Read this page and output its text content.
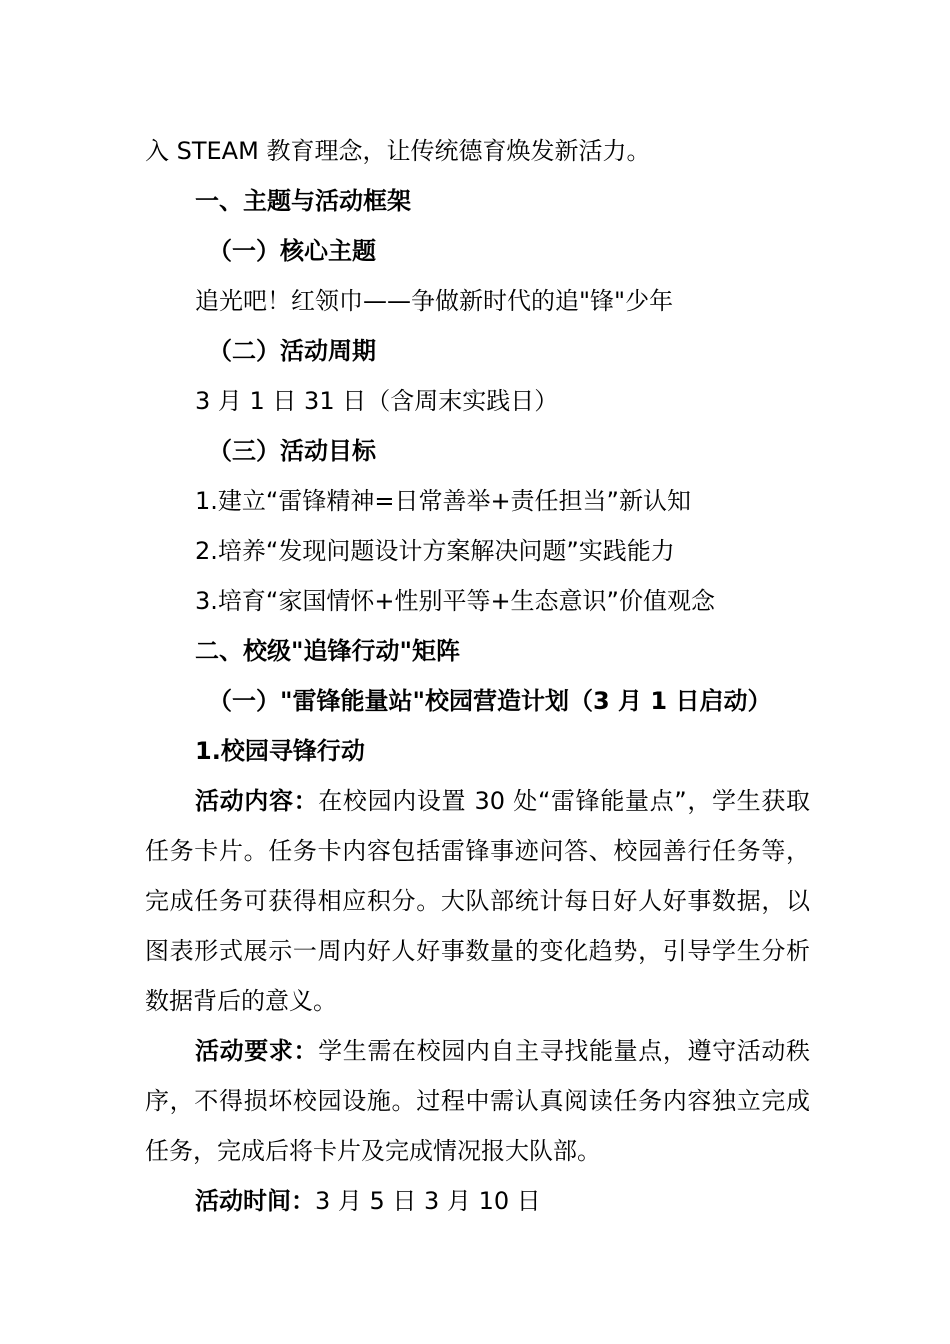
入 STEAM 教育理念，让传统德育焕发新活力。

一、主题与活动框架

（一）核心主题

追光吧！红领巾——争做新时代的追"锋"少年

（二）活动周期

3 月 1 日 31 日（含周末实践日）

（三）活动目标

1.建立“雷锋精神=日常善举+责任担当”新认知

2.培养“发现问题设计方案解决问题”实践能力

3.培育“家国情怀+性别平等+生态意识”价值观念

二、校级"追锋行动"矩阵

（一）"雷锋能量站"校园营造计划（3 月 1 日启动）

1.校园寻锋行动

活动内容：在校园内设置 30 处“雷锋能量点”，学生获取任务卡片。任务卡内容包括雷锋事迹问答、校园善行任务等，完成任务可获得相应积分。大队部统计每日好人好事数据，以图表形式展示一周内好人好事数量的变化趋势，引导学生分析数据背后的意义。

活动要求：学生需在校园内自主寻找能量点，遵守活动秩序，不得损坏校园设施。过程中需认真阅读任务内容独立完成任务，完成后将卡片及完成情况报大队部。

活动时间：3 月 5 日 3 月 10 日
